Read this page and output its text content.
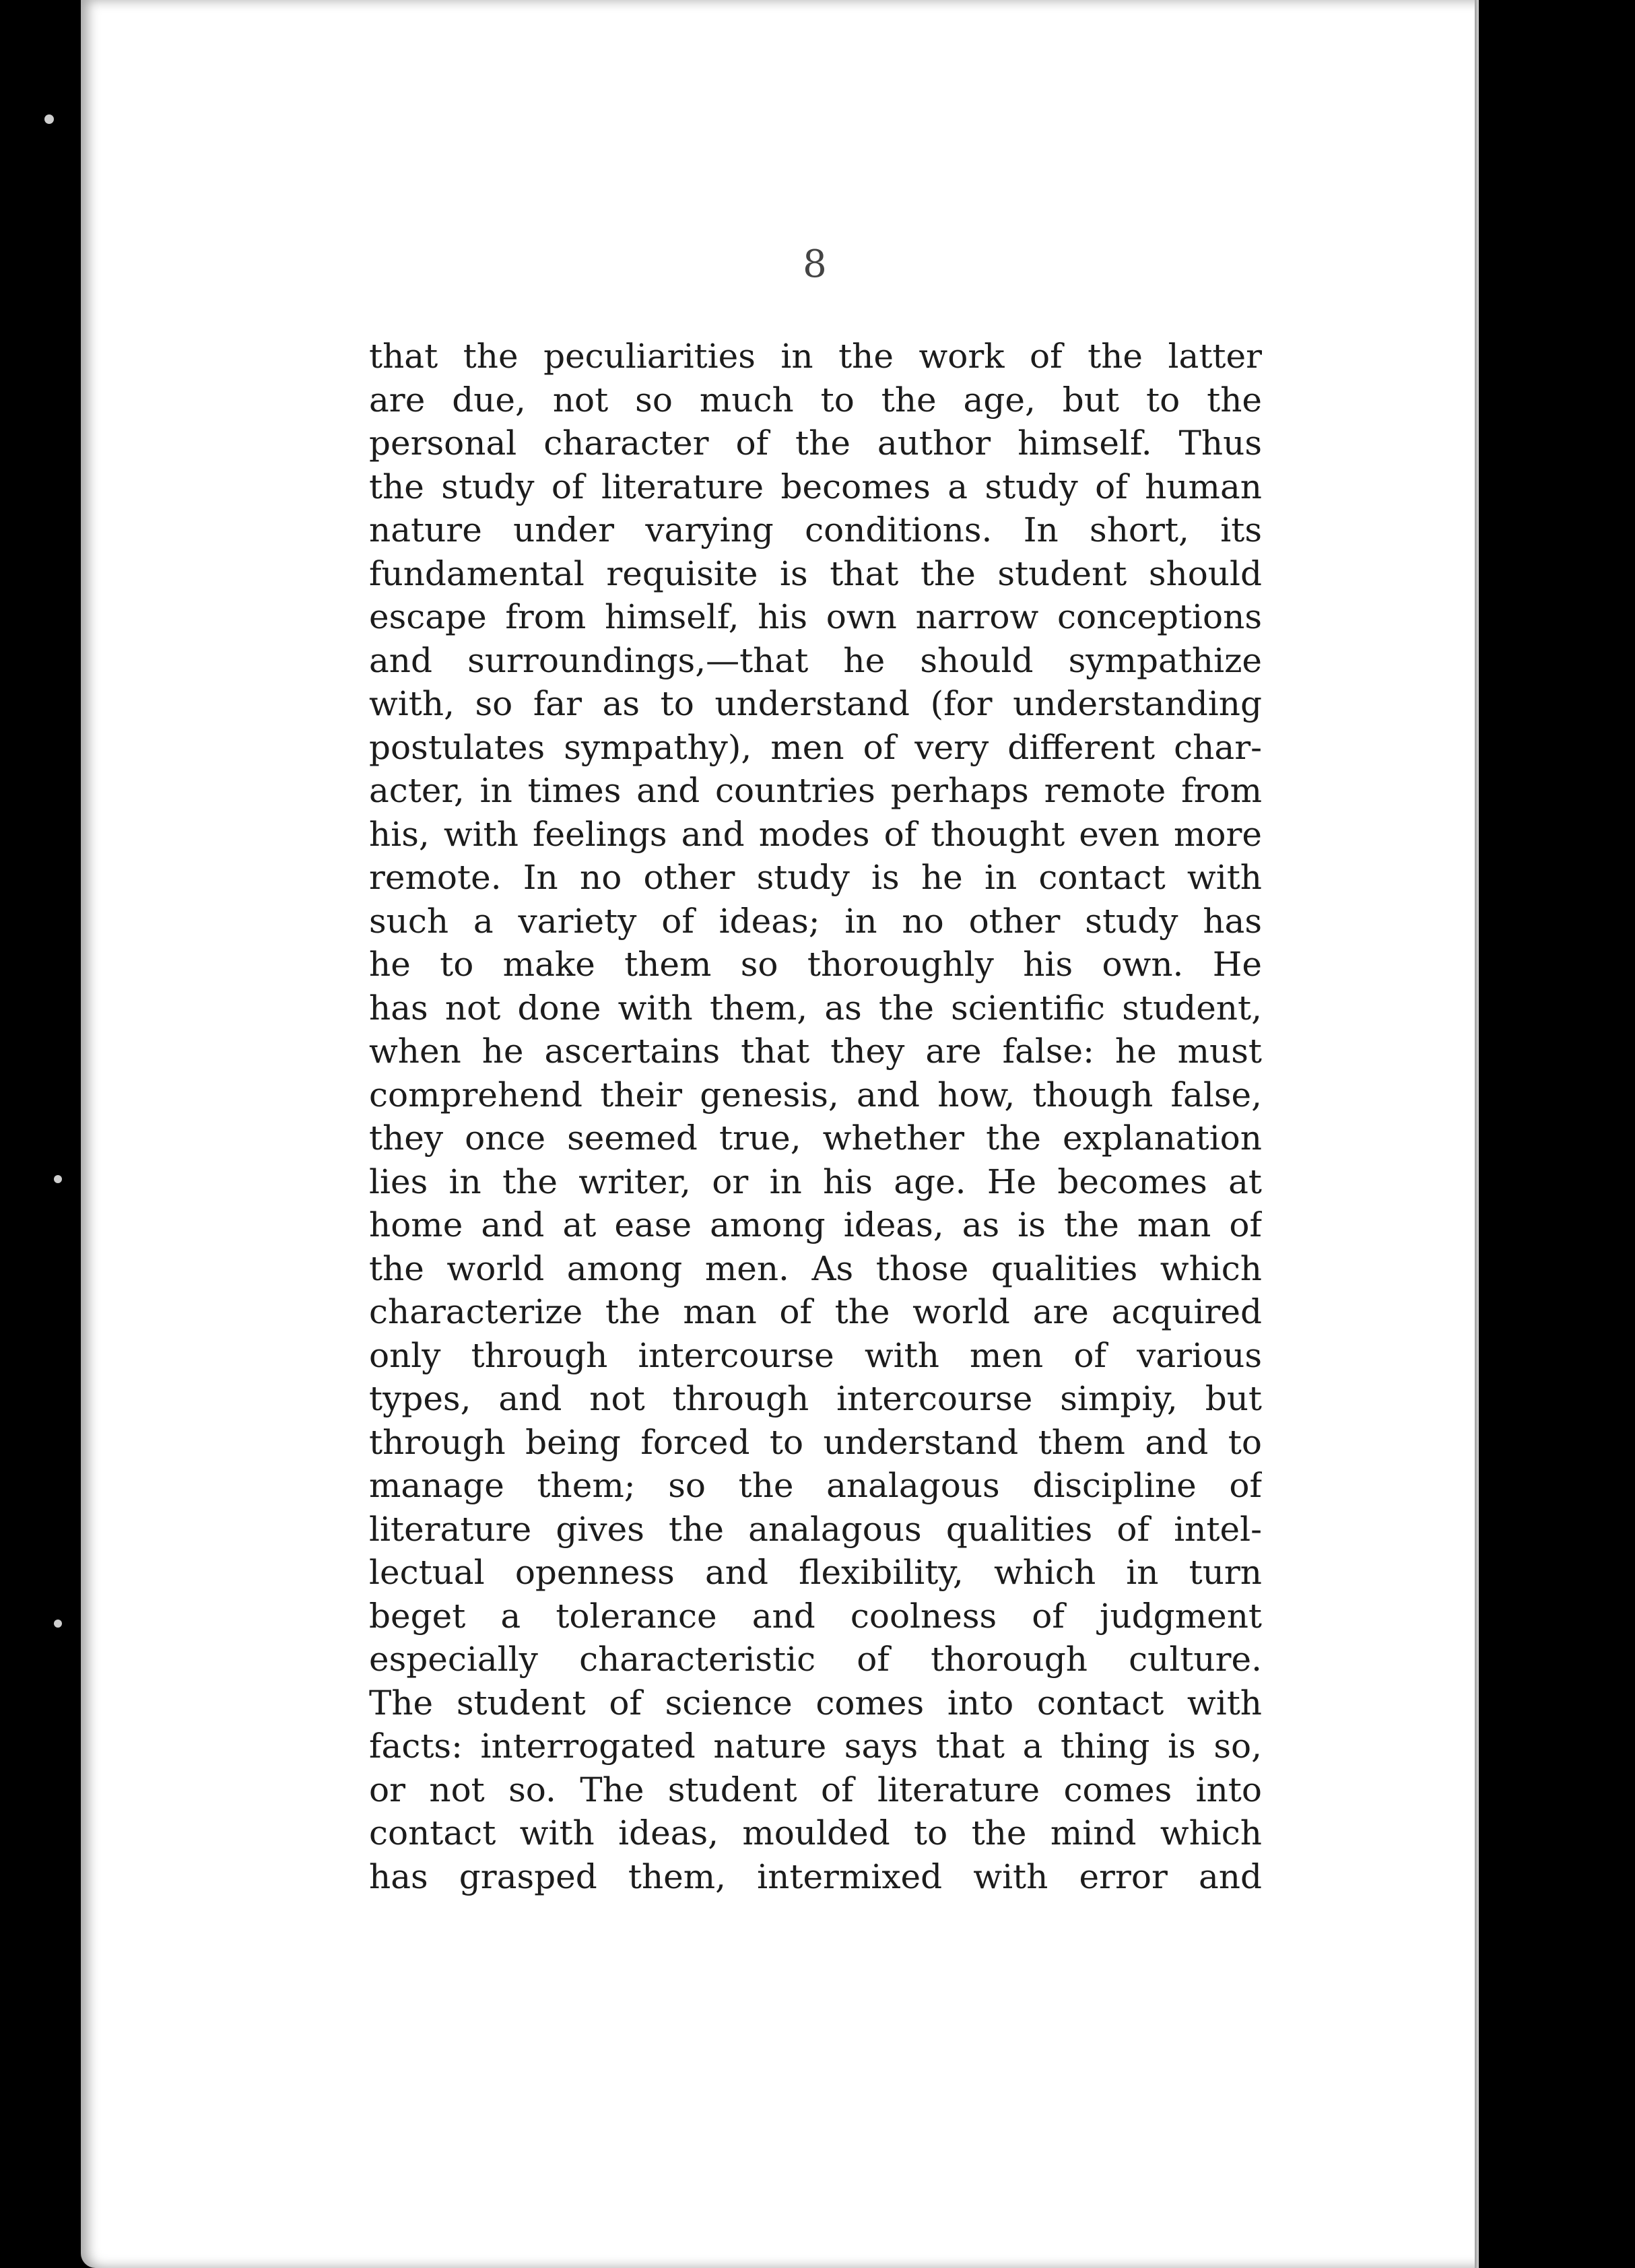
8
that the peculiarities in the work of the latter
are due, not so much to the age, but to the
personal character of the author himself. Thus
the study of literature becomes a study of human
nature under varying conditions. In short, its
fundamental requisite is that the student should
escape from himself, his own narrow conceptions
and surroundings,—that he should sympathize
with, so far as to understand (for understanding
postulates sympathy), men of very different char-
acter, in times and countries perhaps remote from
his, with feelings and modes of thought even more
remote. In no other study is he in contact with
such a variety of ideas; in no other study has
he to make them so thoroughly his own. He
has not done with them, as the scientific student,
when he ascertains that they are false: he must
comprehend their genesis, and how, though false,
they once seemed true, whether the explanation
lies in the writer, or in his age. He becomes at
home and at ease among ideas, as is the man of
the world among men. As those qualities which
characterize the man of the world are acquired
only through intercourse with men of various
types, and not through intercourse simpiy, but
through being forced to understand them and to
manage them; so the analagous discipline of
literature gives the analagous qualities of intel-
lectual openness and flexibility, which in turn
beget a tolerance and coolness of judgment
especially characteristic of thorough culture.
The student of science comes into contact with
facts: interrogated nature says that a thing is so,
or not so. The student of literature comes into
contact with ideas, moulded to the mind which
has grasped them, intermixed with error and
